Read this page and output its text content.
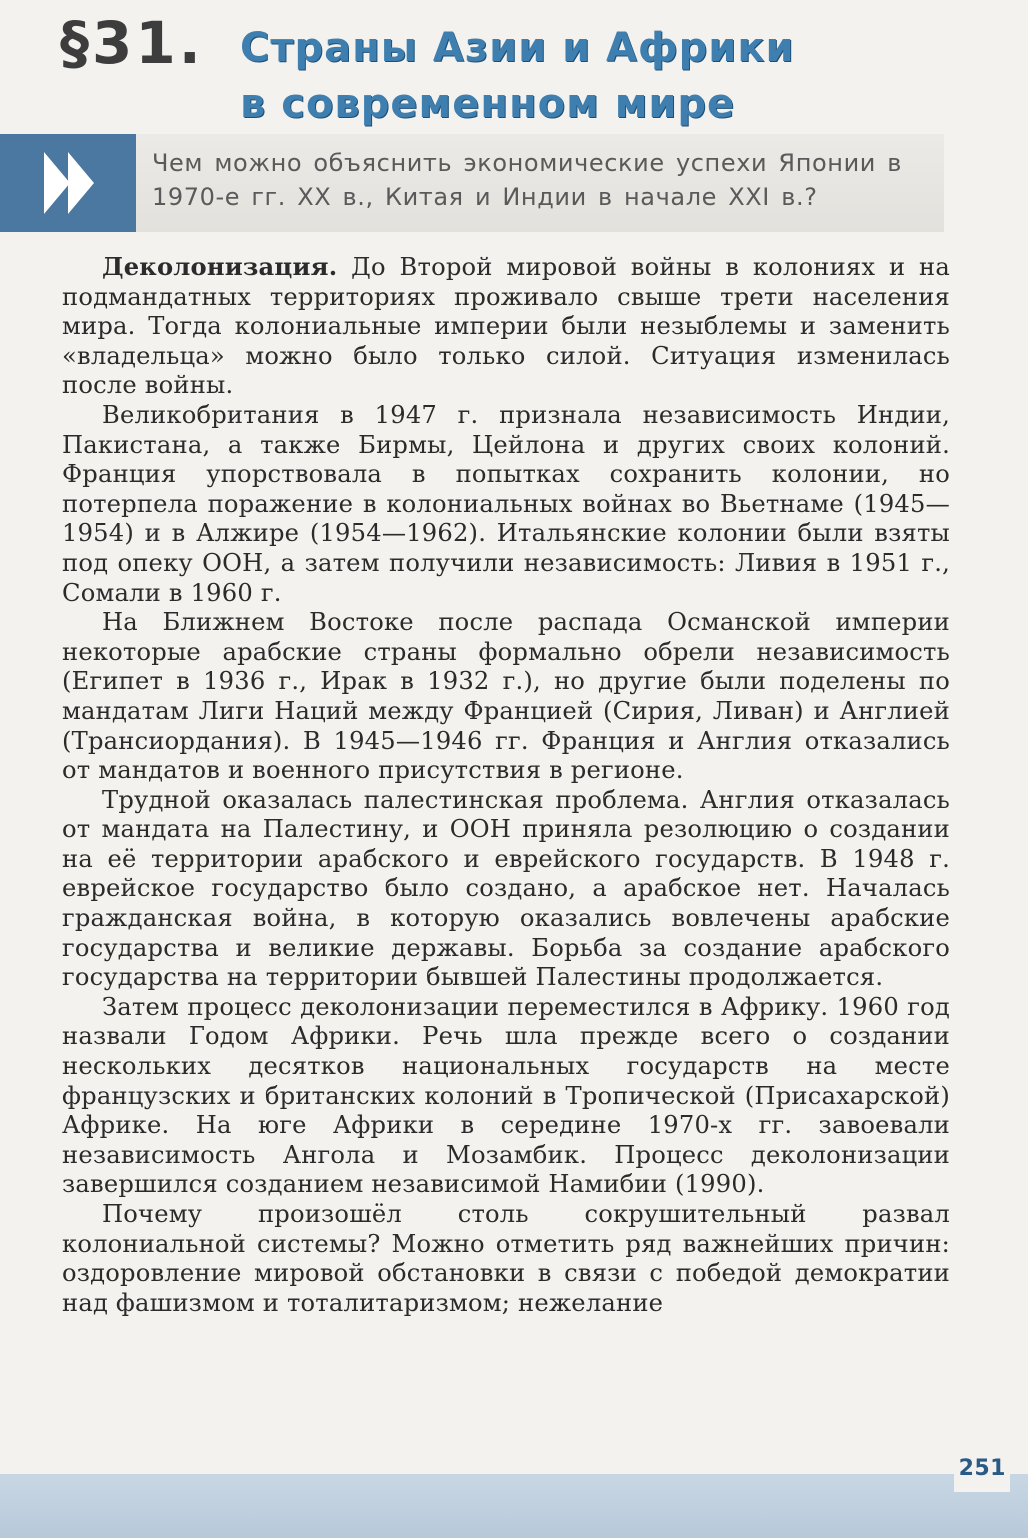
§31. Страны Азии и Африки
в современном мире
Чем можно объяснить экономические успехи Японии в 1970-е гг. XX в., Китая и Индии в начале XXI в.?

Деколонизация. До Второй мировой войны в колониях и на подмандатных территориях проживало свыше трети населения мира. Тогда колониальные империи были незыблемы и заменить «владельца» можно было только силой. Ситуация изменилась после войны.

Великобритания в 1947 г. признала независимость Индии, Пакистана, а также Бирмы, Цейлона и других своих колоний. Франция упорствовала в попытках сохранить колонии, но потерпела поражение в колониальных войнах во Вьетнаме (1945—1954) и в Алжире (1954—1962). Итальянские колонии были взяты под опеку ООН, а затем получили независимость: Ливия в 1951 г., Сомали в 1960 г.

На Ближнем Востоке после распада Османской империи некоторые арабские страны формально обрели независимость (Египет в 1936 г., Ирак в 1932 г.), но другие были поделены по мандатам Лиги Наций между Францией (Сирия, Ливан) и Англией (Трансиордания). В 1945—1946 гг. Франция и Англия отказались от мандатов и военного присутствия в регионе.

Трудной оказалась палестинская проблема. Англия отказалась от мандата на Палестину, и ООН приняла резолюцию о создании на её территории арабского и еврейского государств. В 1948 г. еврейское государство было создано, а арабское нет. Началась гражданская война, в которую оказались вовлечены арабские государства и великие державы. Борьба за создание арабского государства на территории бывшей Палестины продолжается.

Затем процесс деколонизации переместился в Африку. 1960 год назвали Годом Африки. Речь шла прежде всего о создании нескольких десятков национальных государств на месте французских и британских колоний в Тропической (Присахарской) Африке. На юге Африки в середине 1970-х гг. завоевали независимость Ангола и Мозамбик. Процесс деколонизации завершился созданием независимой Намибии (1990).

Почему произошёл столь сокрушительный развал колониальной системы? Можно отметить ряд важнейших причин: оздоровление мировой обстановки в связи с победой демократии над фашизмом и тоталитаризмом; нежелание

251
